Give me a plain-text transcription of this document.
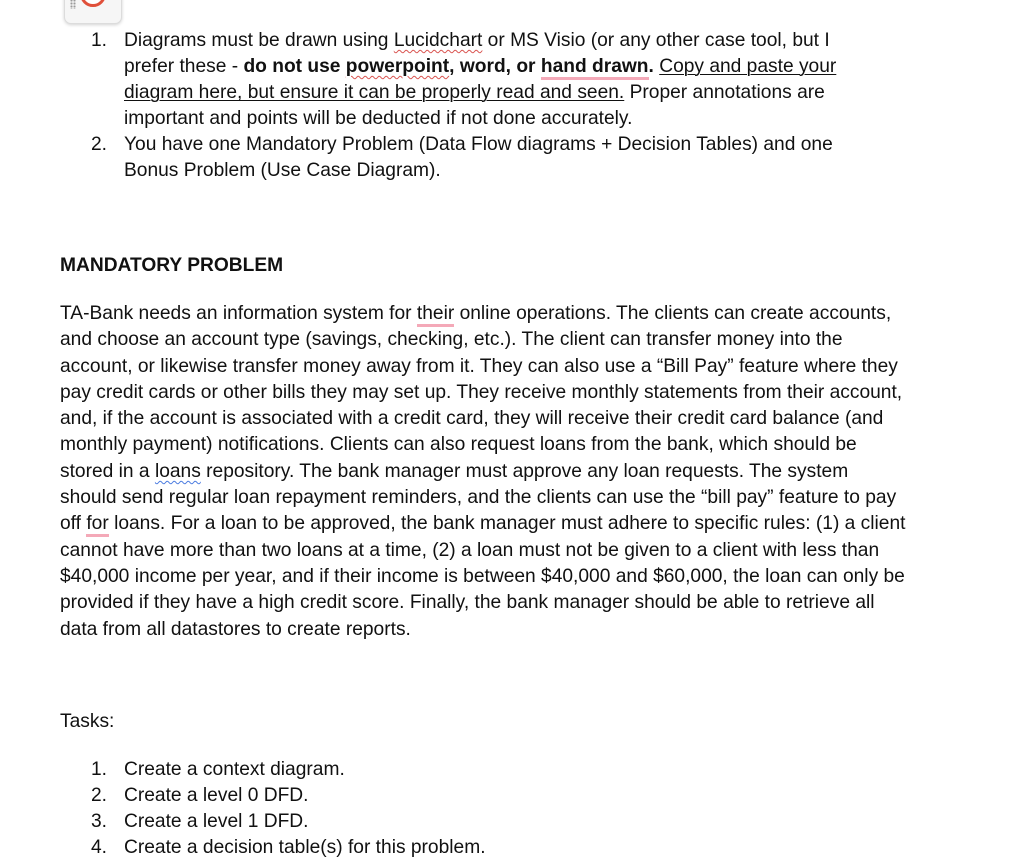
1. Diagrams must be drawn using Lucidchart or MS Visio (or any other case tool, but I prefer these - do not use powerpoint, word, or hand drawn. Copy and paste your diagram here, but ensure it can be properly read and seen. Proper annotations are important and points will be deducted if not done accurately.
2. You have one Mandatory Problem (Data Flow diagrams + Decision Tables) and one Bonus Problem (Use Case Diagram).

MANDATORY PROBLEM

TA-Bank needs an information system for their online operations. The clients can create accounts, and choose an account type (savings, checking, etc.). The client can transfer money into the account, or likewise transfer money away from it. They can also use a “Bill Pay” feature where they pay credit cards or other bills they may set up. They receive monthly statements from their account, and, if the account is associated with a credit card, they will receive their credit card balance (and monthly payment) notifications. Clients can also request loans from the bank, which should be stored in a loans repository. The bank manager must approve any loan requests. The system should send regular loan repayment reminders, and the clients can use the “bill pay” feature to pay off for loans. For a loan to be approved, the bank manager must adhere to specific rules: (1) a client cannot have more than two loans at a time, (2) a loan must not be given to a client with less than $40,000 income per year, and if their income is between $40,000 and $60,000, the loan can only be provided if they have a high credit score. Finally, the bank manager should be able to retrieve all data from all datastores to create reports.

Tasks:

1. Create a context diagram.
2. Create a level 0 DFD.
3. Create a level 1 DFD.
4. Create a decision table(s) for this problem.
